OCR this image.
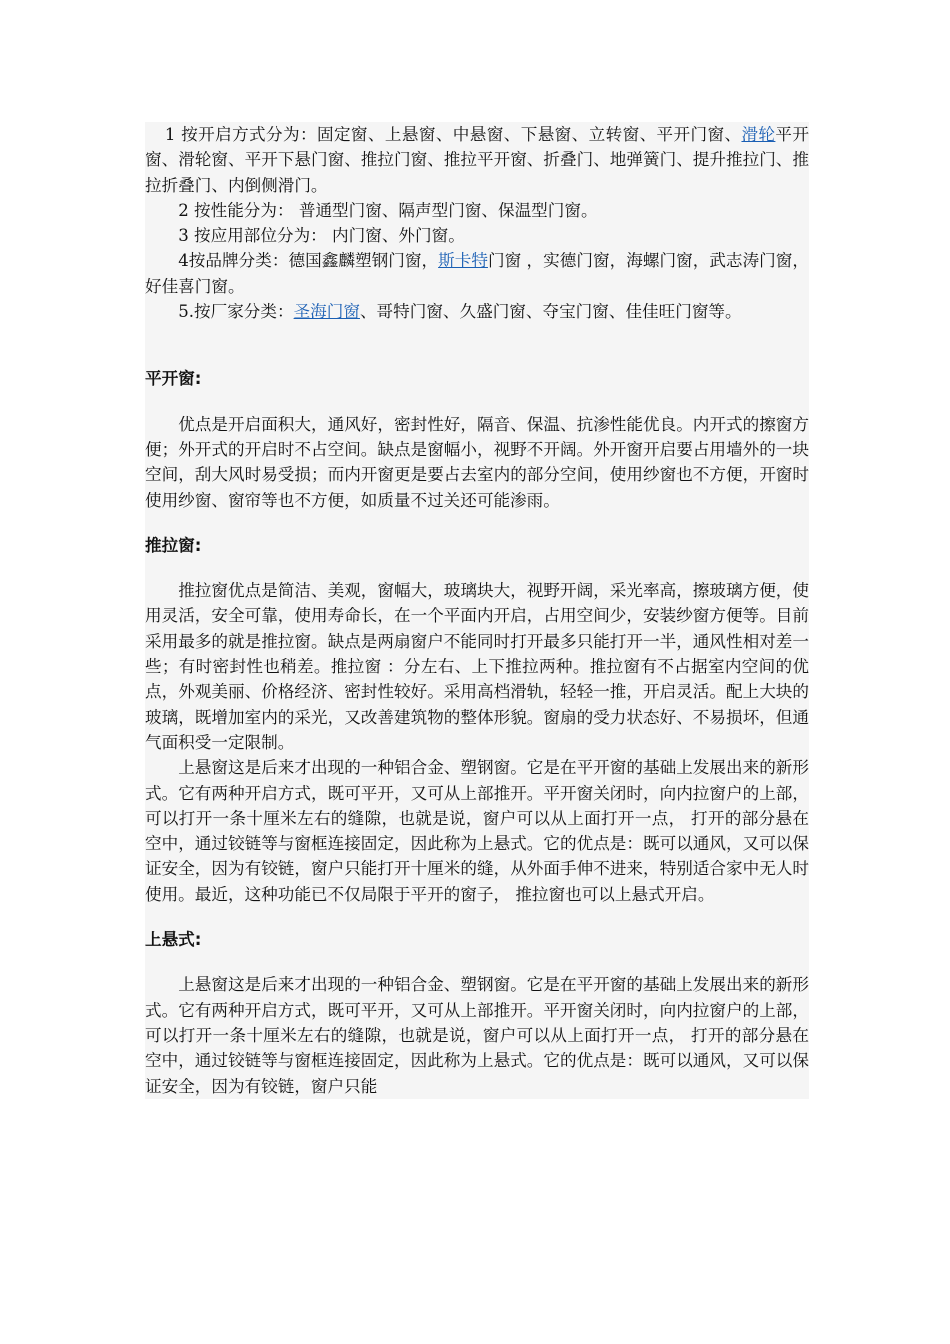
1 按开启方式分为：固定窗、上悬窗、中悬窗、下悬窗、立转窗、平开门窗、滑轮平开窗、滑轮窗、平开下悬门窗、推拉门窗、推拉平开窗、折叠门、地弹簧门、提升推拉门、推拉折叠门、内倒侧滑门。

2 按性能分为： 普通型门窗、隔声型门窗、保温型门窗。

3 按应用部位分为： 内门窗、外门窗。

4按品牌分类：德国鑫麟塑钢门窗，斯卡特门窗 ，实德门窗，海螺门窗，武志涛门窗，好佳喜门窗。

5.按厂家分类：圣海门窗、哥特门窗、久盛门窗、夺宝门窗、佳佳旺门窗等。

平开窗:

优点是开启面积大，通风好，密封性好，隔音、保温、抗渗性能优良。内开式的擦窗方便；外开式的开启时不占空间。缺点是窗幅小，视野不开阔。外开窗开启要占用墙外的一块空间，刮大风时易受损；而内开窗更是要占去室内的部分空间，使用纱窗也不方便，开窗时使用纱窗、窗帘等也不方便，如质量不过关还可能渗雨。

推拉窗:

推拉窗优点是简洁、美观，窗幅大，玻璃块大，视野开阔，采光率高，擦玻璃方便，使用灵活，安全可靠，使用寿命长，在一个平面内开启，占用空间少，安装纱窗方便等。目前采用最多的就是推拉窗。缺点是两扇窗户不能同时打开最多只能打开一半，通风性相对差一些；有时密封性也稍差。推拉窗 ：分左右、上下推拉两种。推拉窗有不占据室内空间的优点，外观美丽、价格经济、密封性较好。采用高档滑轨，轻轻一推，开启灵活。配上大块的玻璃，既增加室内的采光，又改善建筑物的整体形貌。窗扇的受力状态好、不易损坏，但通气面积受一定限制。

上悬窗这是后来才出现的一种铝合金、塑钢窗。它是在平开窗的基础上发展出来的新形式。它有两种开启方式，既可平开，又可从上部推开。平开窗关闭时，向内拉窗户的上部，可以打开一条十厘米左右的缝隙，也就是说，窗户可以从上面打开一点， 打开的部分悬在空中，通过铰链等与窗框连接固定，因此称为上悬式。它的优点是：既可以通风，又可以保证安全，因为有铰链，窗户只能打开十厘米的缝，从外面手伸不进来，特别适合家中无人时使用。最近，这种功能已不仅局限于平开的窗子， 推拉窗也可以上悬式开启。

上悬式:

上悬窗这是后来才出现的一种铝合金、塑钢窗。它是在平开窗的基础上发展出来的新形式。它有两种开启方式，既可平开，又可从上部推开。平开窗关闭时，向内拉窗户的上部，可以打开一条十厘米左右的缝隙，也就是说，窗户可以从上面打开一点， 打开的部分悬在空中，通过铰链等与窗框连接固定，因此称为上悬式。它的优点是：既可以通风，又可以保证安全，因为有铰链，窗户只能
